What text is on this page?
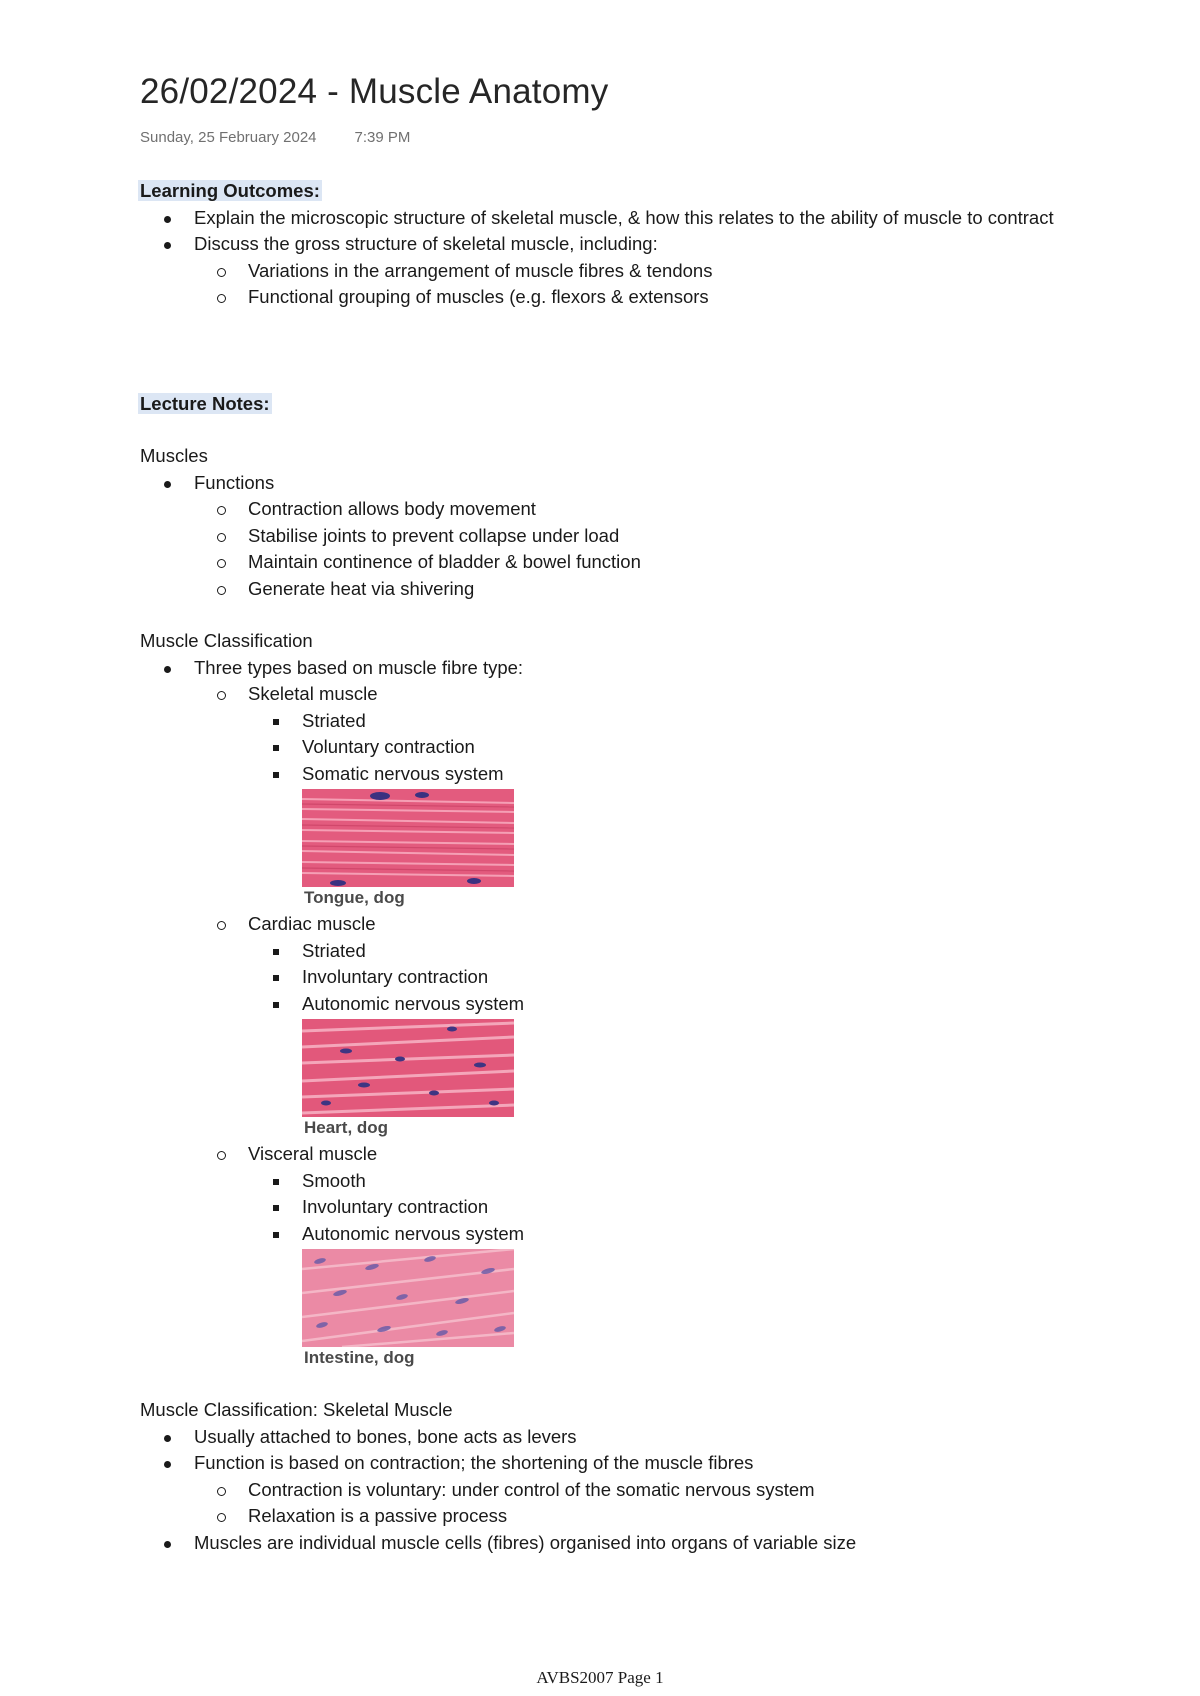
26/02/2024 - Muscle Anatomy
Sunday, 25 February 2024	7:39 PM

Learning Outcomes:

Explain the microscopic structure of skeletal muscle, & how this relates to the ability of muscle to contract
Discuss the gross structure of skeletal muscle, including:
Variations in the arrangement of muscle fibres & tendons
Functional grouping of muscles (e.g. flexors & extensors

Lecture Notes:

Muscles

Functions
Contraction allows body movement
Stabilise joints to prevent collapse under load
Maintain continence of bladder & bowel function
Generate heat via shivering

Muscle Classification

Three types based on muscle fibre type:
Skeletal muscle
Striated
Voluntary contraction
Somatic nervous system
Tongue, dog
Cardiac muscle
Striated
Involuntary contraction
Autonomic nervous system
Heart, dog
Visceral muscle
Smooth
Involuntary contraction
Autonomic nervous system
Intestine, dog

Muscle Classification: Skeletal Muscle

Usually attached to bones, bone acts as levers
Function is based on contraction; the shortening of the muscle fibres
Contraction is voluntary: under control of the somatic nervous system
Relaxation is a passive process
Muscles are individual muscle cells (fibres) organised into organs of variable size
AVBS2007 Page 1
